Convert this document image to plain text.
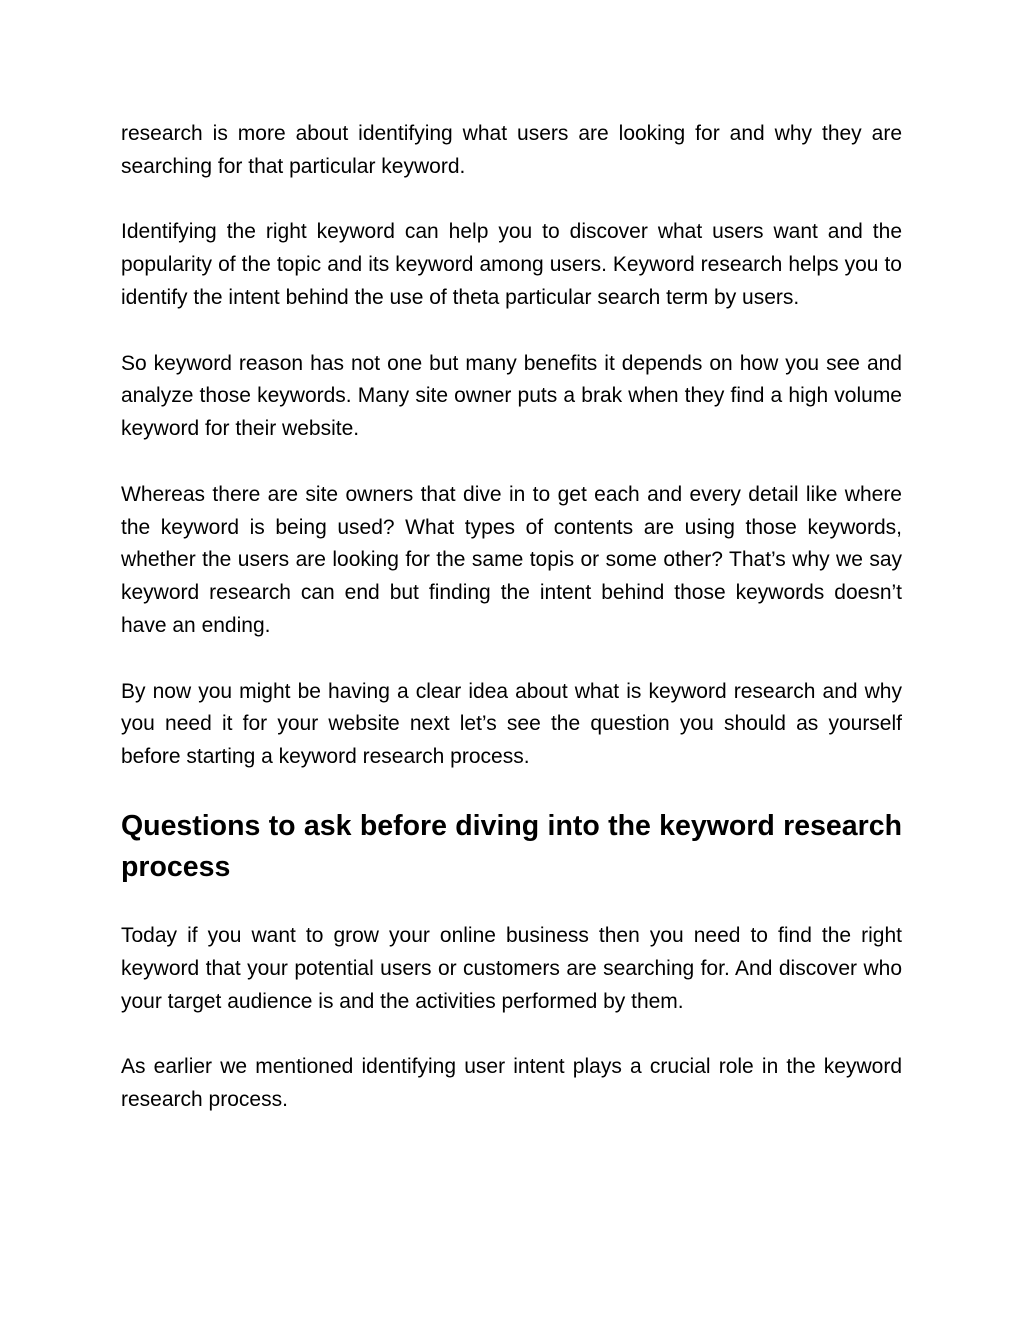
research is more about identifying what users are looking for and why they are searching for that particular keyword.

Identifying the right keyword can help you to discover what users want and the popularity of the topic and its keyword among users. Keyword research helps you to identify the intent behind the use of theta particular search term by users.

So keyword reason has not one but many benefits it depends on how you see and analyze those keywords. Many site owner puts a brak when they find a high volume keyword for their website.

Whereas there are site owners that dive in to get each and every detail like where the keyword is being used? What types of contents are using those keywords, whether the users are looking for the same topis or some other? That’s why we say keyword research can end but finding the intent behind those keywords doesn’t have an ending.

By now you might be having a clear idea about what is keyword research and why you need it for your website next let’s see the question you should as yourself before starting a keyword research process.

Questions to ask before diving into the keyword research process

Today if you want to grow your online business then you need to find the right keyword that your potential users or customers are searching for. And discover who your target audience is and the activities performed by them.

As earlier we mentioned identifying user intent plays a crucial role in the keyword research process.
